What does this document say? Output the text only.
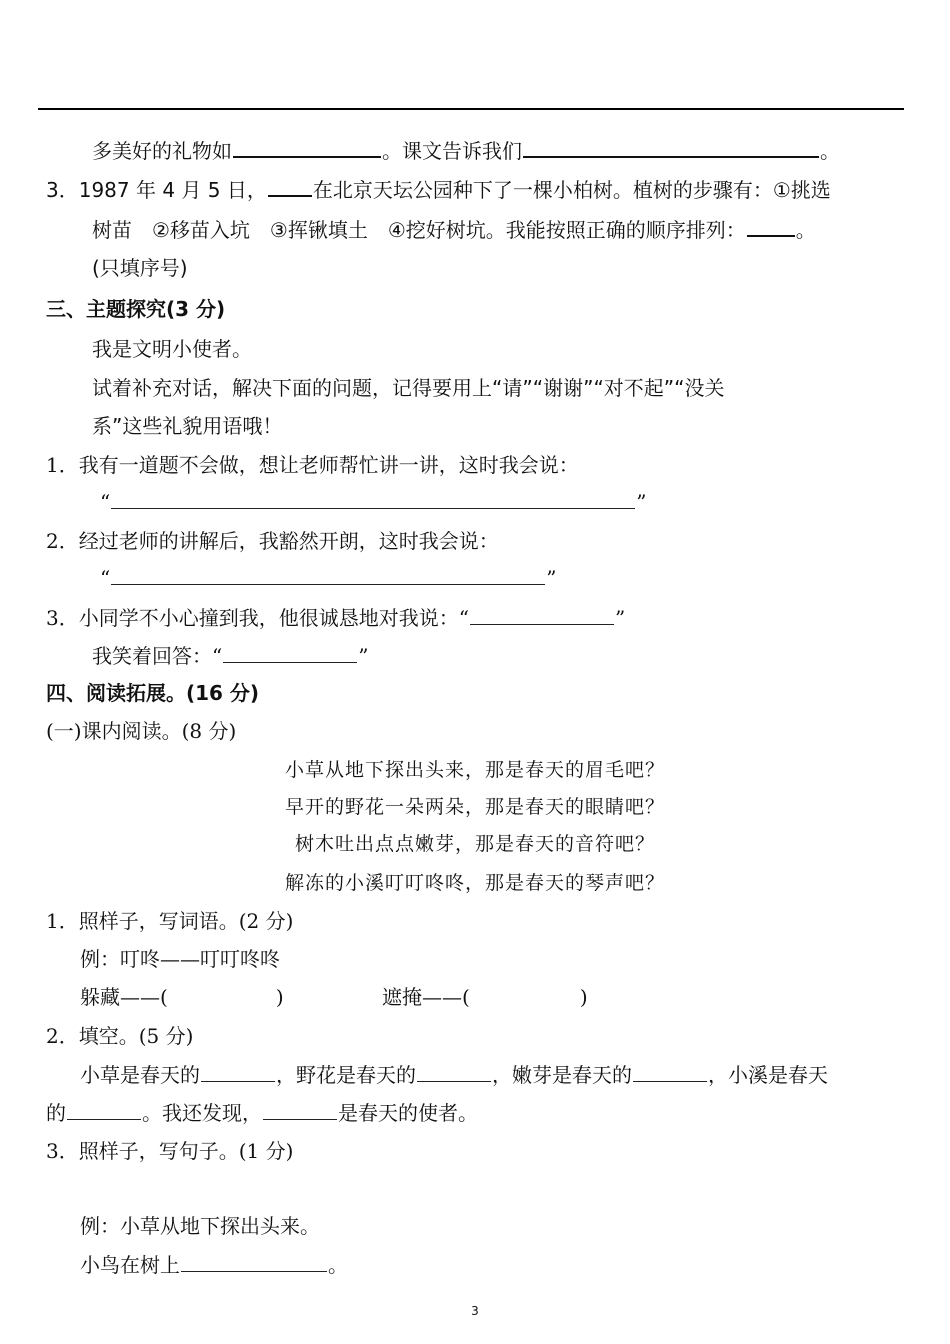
多美好的礼物如	。课文告诉我们	。
3．1987 年 4 月 5 日， 在北京天坛公园种下了一棵小柏树。植树的步骤有：①挑选
树苗　②移苗入坑　③挥锹填土　④挖好树坑。我能按照正确的顺序排列：	。
(只填序号)
三、主题探究(3 分)
我是文明小使者。
试着补充对话，解决下面的问题，记得要用上“请”“谢谢”“对不起”“没关
系”这些礼貌用语哦！
1．我有一道题不会做，想让老师帮忙讲一讲，这时我会说：
“	”
2．经过老师的讲解后，我豁然开朗，这时我会说：
“	”
3．小同学不小心撞到我，他很诚恳地对我说：“	”
我笑着回答：“	”
四、阅读拓展。(16 分)
(一)课内阅读。(8 分)
小草从地下探出头来，那是春天的眉毛吧？
早开的野花一朵两朵，那是春天的眼睛吧？
树木吐出点点嫩芽，那是春天的音符吧？
解冻的小溪叮叮咚咚，那是春天的琴声吧？
1．照样子，写词语。(2 分)
例：叮咚——叮叮咚咚
躲藏——(	)	遮掩——(	)
2．填空。(5 分)
小草是春天的	，野花是春天的	，嫩芽是春天的	，小溪是春天
的	。我还发现，	是春天的使者。
3．照样子，写句子。(1 分)
例：小草从地下探出头来。
小鸟在树上	。
3
